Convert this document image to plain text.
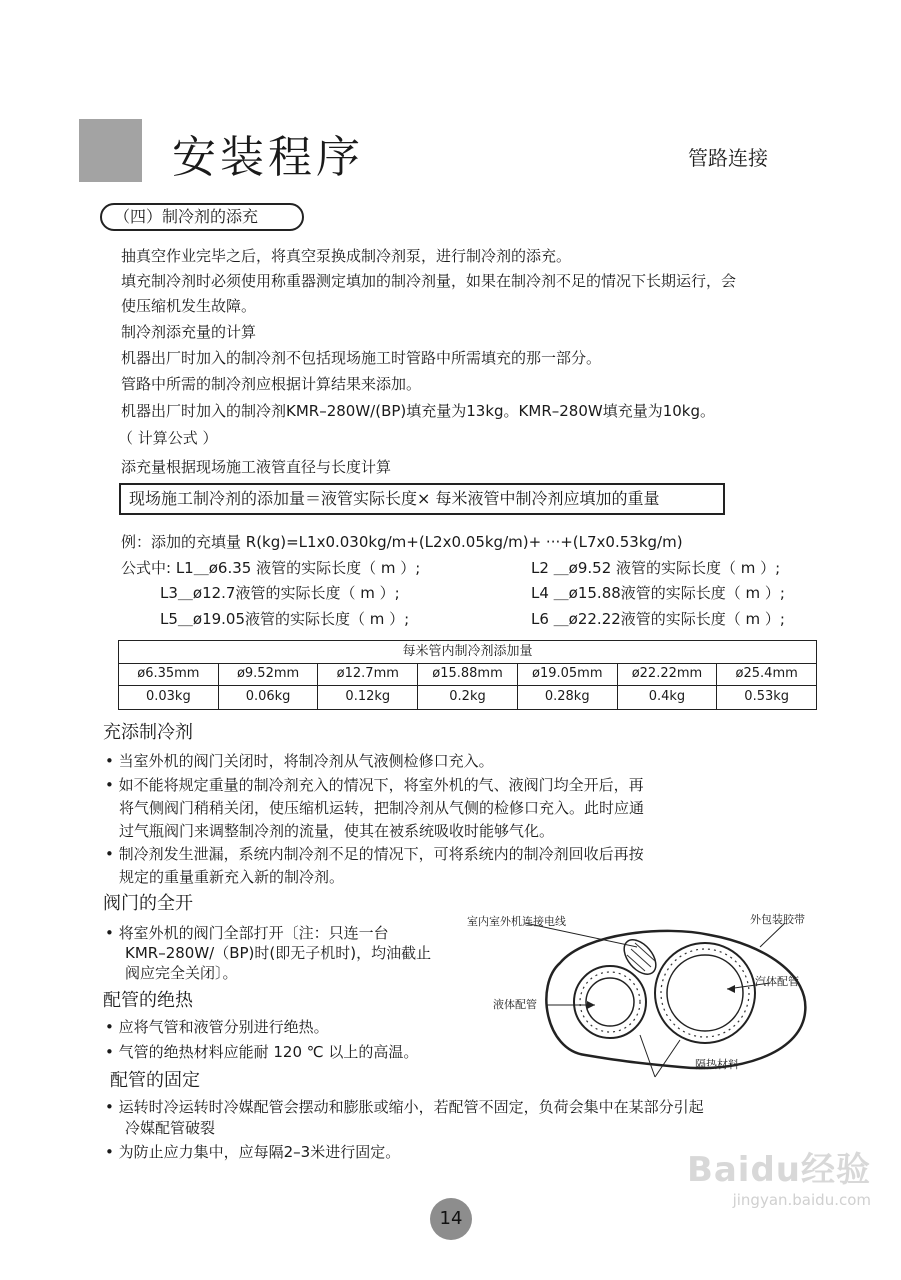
安装程序	管路连接
（四）制冷剂的添充
抽真空作业完毕之后，将真空泵换成制冷剂泵，进行制冷剂的添充。
填充制冷剂时必须使用称重器测定填加的制冷剂量，如果在制冷剂不足的情况下长期运行，会
使压缩机发生故障。
制冷剂添充量的计算
机器出厂时加入的制冷剂不包括现场施工时管路中所需填充的那一部分。
管路中所需的制冷剂应根据计算结果来添加。
机器出厂时加入的制冷剂KMR–280W/(BP)填充量为13kg。KMR–280W填充量为10kg。
（ 计算公式 ）
添充量根据现场施工液管直径与长度计算
现场施工制冷剂的添加量＝液管实际长度× 每米液管中制冷剂应填加的重量
例：添加的充填量 R(kg)=L1x0.030kg/m+(L2x0.05kg/m)+ ···+(L7x0.53kg/m)
公式中: L1＿ø6.35 液管的实际长度（ m ）;	L2 ＿ø9.52 液管的实际长度（ m ）;
L3＿ø12.7液管的实际长度（ m ）;	L4 ＿ø15.88液管的实际长度（ m ）;
L5＿ø19.05液管的实际长度（ m ）;	L6 ＿ø22.22液管的实际长度（ m ）;
每米管内制冷剂添加量
ø6.35mm	ø9.52mm	ø12.7mm	ø15.88mm	ø19.05mm	ø22.22mm	ø25.4mm
0.03kg	0.06kg	0.12kg	0.2kg	0.28kg	0.4kg	0.53kg
充添制冷剂
• 当室外机的阀门关闭时，将制冷剂从气液侧检修口充入。
• 如不能将规定重量的制冷剂充入的情况下，将室外机的气、液阀门均全开后，再
将气侧阀门稍稍关闭，使压缩机运转，把制冷剂从气侧的检修口充入。此时应通
过气瓶阀门来调整制冷剂的流量，使其在被系统吸收时能够气化。
• 制冷剂发生泄漏，系统内制冷剂不足的情况下，可将系统内的制冷剂回收后再按
规定的重量重新充入新的制冷剂。
阀门的全开
• 将室外机的阀门全部打开〔注：只连一台
KMR–280W/（BP)时(即无子机时)，均油截止
阀应完全关闭〕。
配管的绝热
• 应将气管和液管分别进行绝热。
• 气管的绝热材料应能耐 120 ℃ 以上的高温。
配管的固定
• 运转时冷运转时冷媒配管会摆动和膨胀或缩小，若配管不固定，负荷会集中在某部分引起
冷媒配管破裂
• 为防止应力集中，应每隔2–3米进行固定。
室内室外机连接电线	外包装胶带
汽体配管
液体配管
隔热材料
14
Baidu经验
jingyan.baidu.com
